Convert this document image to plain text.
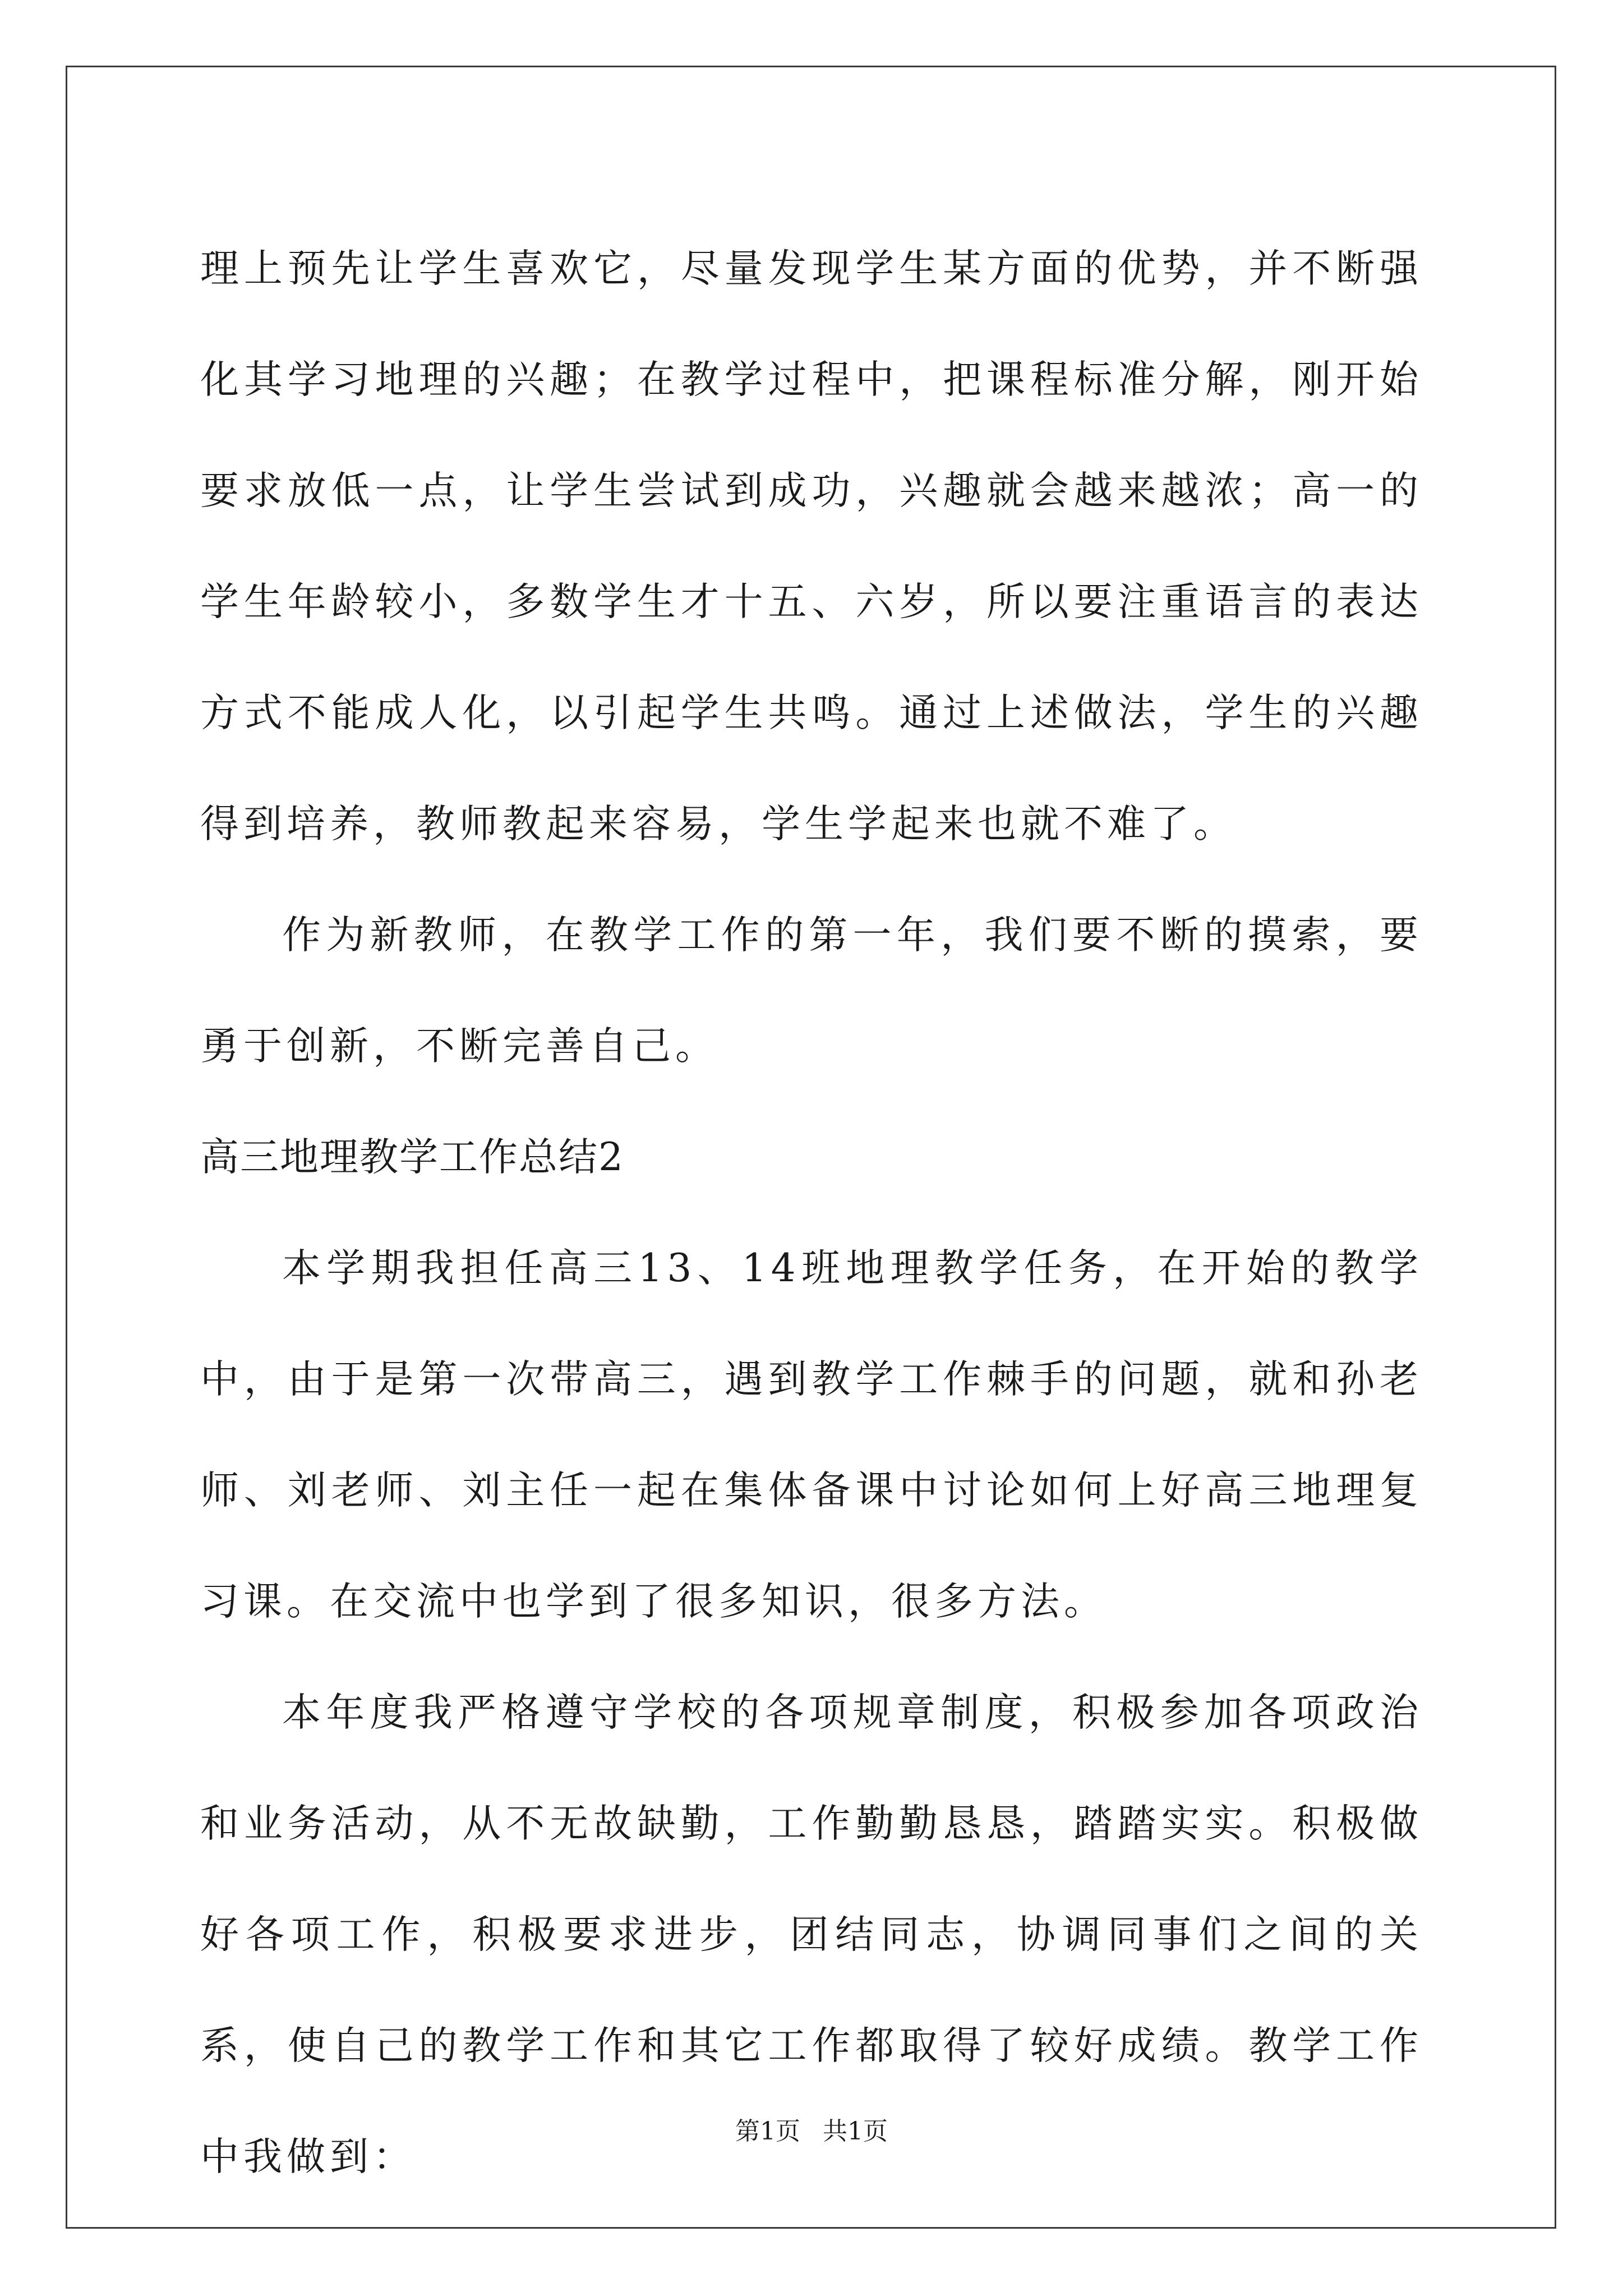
理上预先让学生喜欢它，尽量发现学生某方面的优势，并不断强化其学习地理的兴趣；在教学过程中，把课程标准分解，刚开始要求放低一点，让学生尝试到成功，兴趣就会越来越浓；高一的学生年龄较小，多数学生才十五、六岁，所以要注重语言的表达方式不能成人化，以引起学生共鸣。通过上述做法，学生的兴趣得到培养，教师教起来容易，学生学起来也就不难了。

作为新教师，在教学工作的第一年，我们要不断的摸索，要勇于创新，不断完善自己。

高三地理教学工作总结2

本学期我担任高三13、14班地理教学任务，在开始的教学中，由于是第一次带高三，遇到教学工作棘手的问题，就和孙老师、刘老师、刘主任一起在集体备课中讨论如何上好高三地理复习课。在交流中也学到了很多知识，很多方法。

本年度我严格遵守学校的各项规章制度，积极参加各项政治和业务活动，从不无故缺勤，工作勤勤恳恳，踏踏实实。积极做好各项工作，积极要求进步，团结同志，协调同事们之间的关系，使自己的教学工作和其它工作都取得了较好成绩。教学工作中我做到：

第1页 共1页
